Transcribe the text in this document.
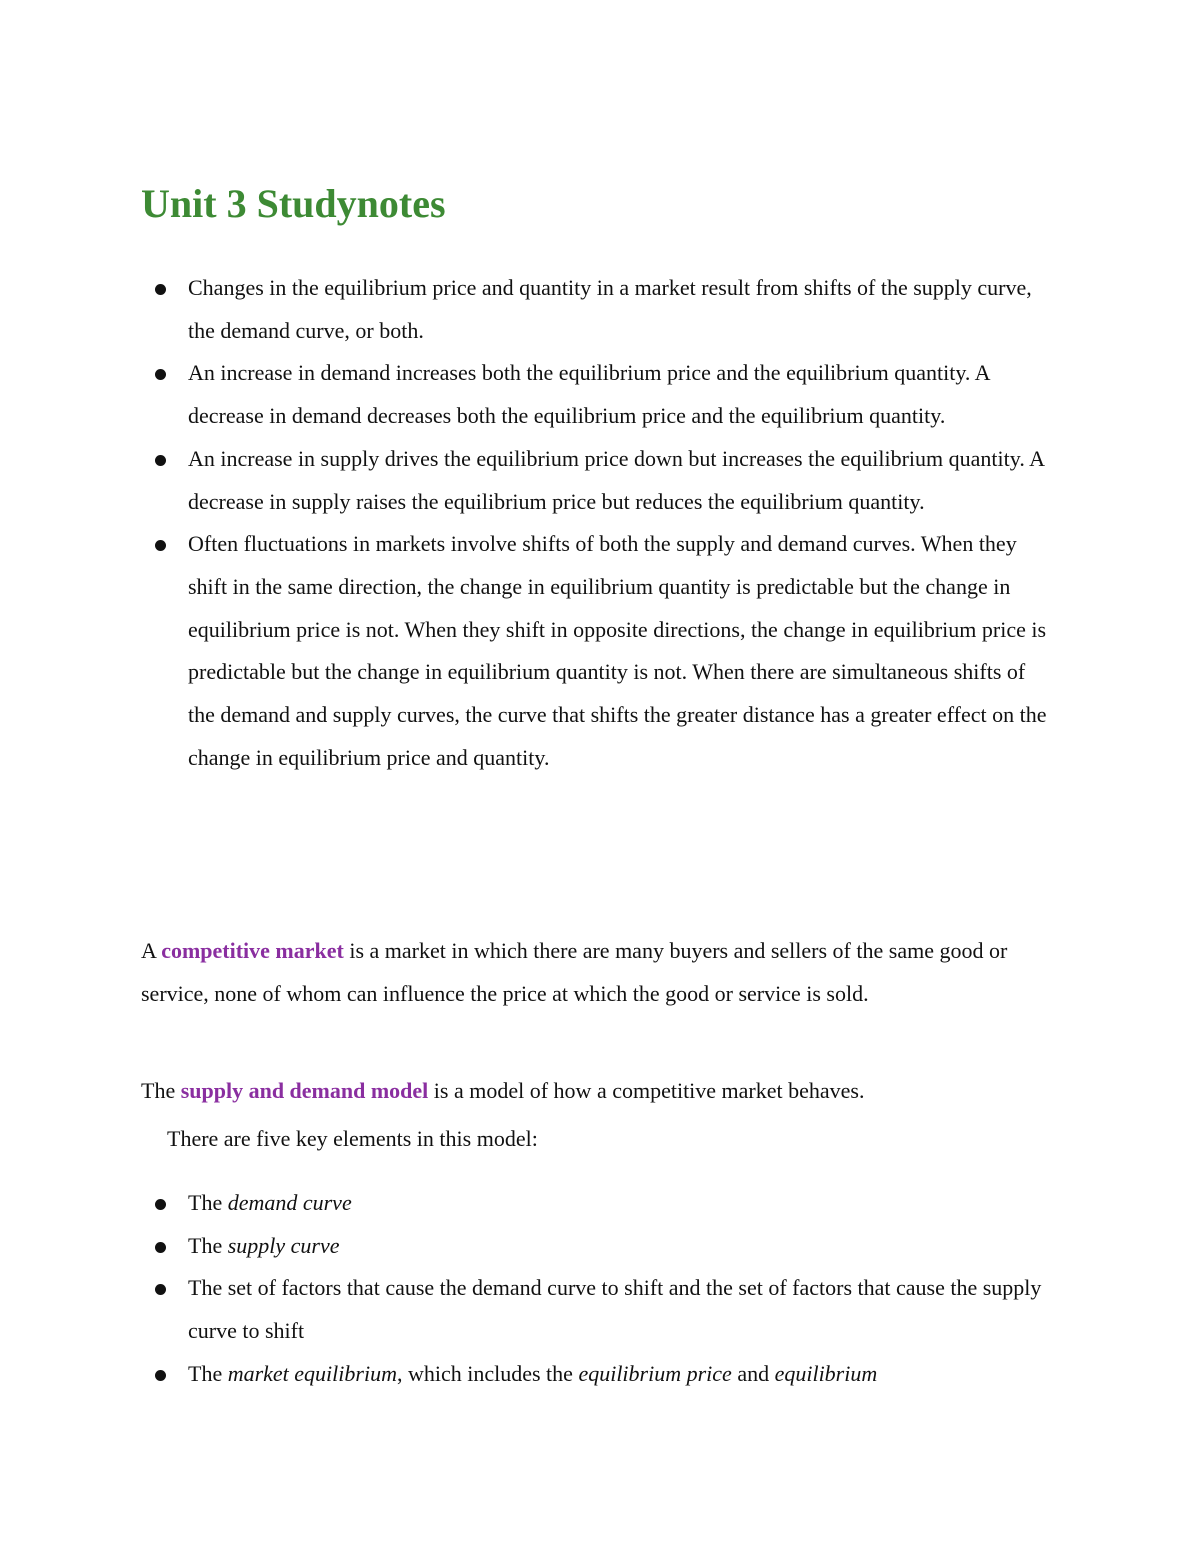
Unit 3 Studynotes
Changes in the equilibrium price and quantity in a market result from shifts of the supply curve, the demand curve, or both.
An increase in demand increases both the equilibrium price and the equilibrium quantity. A decrease in demand decreases both the equilibrium price and the equilibrium quantity.
An increase in supply drives the equilibrium price down but increases the equilibrium quantity. A decrease in supply raises the equilibrium price but reduces the equilibrium quantity.
Often fluctuations in markets involve shifts of both the supply and demand curves. When they shift in the same direction, the change in equilibrium quantity is predictable but the change in equilibrium price is not. When they shift in opposite directions, the change in equilibrium price is predictable but the change in equilibrium quantity is not. When there are simultaneous shifts of the demand and supply curves, the curve that shifts the greater distance has a greater effect on the change in equilibrium price and quantity.

A competitive market is a market in which there are many buyers and sellers of the same good or service, none of whom can influence the price at which the good or service is sold.

The supply and demand model is a model of how a competitive market behaves.

There are five key elements in this model:

The demand curve
The supply curve
The set of factors that cause the demand curve to shift and the set of factors that cause the supply curve to shift
The market equilibrium, which includes the equilibrium price and equilibrium
